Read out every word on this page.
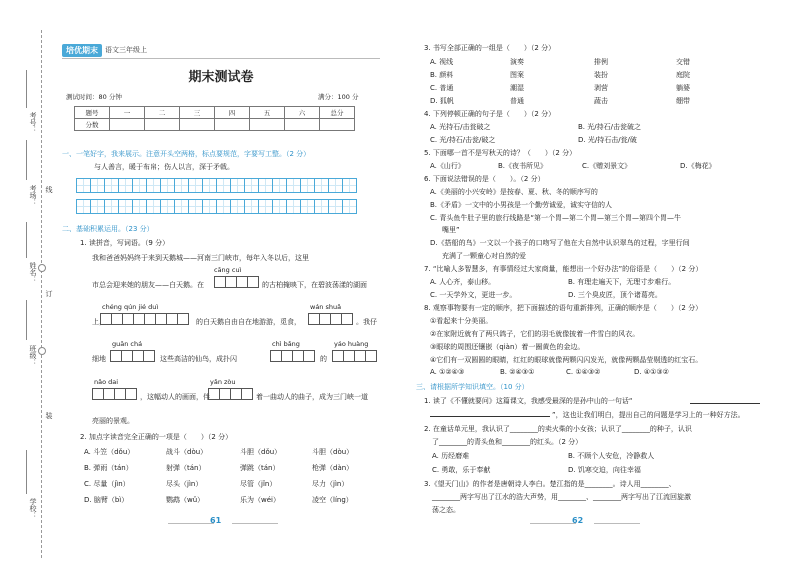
考号：
考场： 线
姓名：
订
班级：
装
学校：
培优期末	语文三年级上
期末测试卷
测试时间：80 分钟	满分：100 分
题号	一	二	三	四	五	六	总分
分数							
一、一笔好字，我来展示。注意开头空两格，标点要规范，字要写工整。（2 分）
与人善言，暖于布帛；伤人以言，深于矛戟。
二、基础积累运用。（23 分）
1. 读拼音，写词语。（9 分）
我和爸爸妈妈终于来到天鹅城——河南三门峡市，每年入冬以后，这里
cāng cuì
市总会迎来她的朋友——白天鹅。在	的古柏掩映下，在碧波荡漾的湖面
chéng qún jié duì	wán shuǎ
上，	的白天鹅自由自在地游游，觅食，	。我仔
guān chá	chì bǎng	yáo huàng
细地	这些高洁的仙鸟，成扑闪	的
nǎo dai	yǎn zòu
，这幅动人的画面，伴	着一曲动人的曲子，成为三门峡一道
亮丽的景观。
2. 加点字读音完全正确的一项是（　　）（2 分）
A. 斗笠（dǒu）	战斗（dòu）	斗胆（dǒu）	斗胆（dòu）
B. 弹雨（tán）	射弹（tán）	弹跳（tán）	枪弹（dàn）
C. 尽量（jìn）	尽头（jìn）	尽管（jǐn）	尽力（jìn）
D. 脑臂（bì）	鹦鹉（wǔ）	乐为（wéi）	凌空（líng）
61
3. 书写全部正确的一组是（　　）（2 分）
A. 视线	演奏	排例	交错
B. 颜料	图案	装扮	庭院
C. 普通	潮湿	剥营	躺婆
D. 狐帆	普通	蔬击	绷带
4. 下列停顿正确的句子是（　　）（2 分）
A. 光持石/击瓮破之	B. 光/持石/击瓮破之
C. 光/持石/击瓮/破之	D. 光/持石击/瓮/破
5. 下面哪一首不是写秋天的诗？（　　）（2 分）
A.《山行》	B.《夜书所见》	C.《赠刘景文》	D.《梅花》
6. 下面说法错误的是（　　）。（2 分）
A.《美丽的小兴安岭》是按春、夏、秋、冬的顺序写的
B.《矛盾》一文中的小男孩是一个勤劳诚爱，诚实守信的人
C. 青头鱼牛肚子里的旅行线路是“第一个胃—第二个胃—第三个胃—第四个胃—牛
嘴里”
D.《搭船的鸟》一文以一个孩子的口吻写了他在大自然中认识翠鸟的过程，字里行间
充满了一颗童心对自然的爱
7. “比喻人多智慧多，有事情经过大家商量，能想出一个好办法”的俗语是（　　）（2 分）
A. 人心齐，泰山移。	B. 有理走遍天下，无理寸步难行。
C. 一天学外文，更进一步。	D. 三个臭皮匠，顶个诸葛亮。
8. 观察事物要有一定的顺序，把下面描述的语句重新排列，正确的顺序是（　　）（2 分）
①看起来十分美丽。
②在家附近就有了两只鸽子，它们的羽毛就像披着一件雪白的风衣。
③眼球的周围还镶嵌（qiàn）着一圈黄色的金边。
④它们有一双圆圆的眼睛，红红的眼球就像两颗闪闪发光，就像两颗晶莹剔透的红宝石。
A. ①②④③	B. ②④③①	C. ①④③②	D. ④①③②
三、请根据所学知识填空。（10 分）
1. 读了《不懂就要问》这篇课文，我感受最深的是孙中山的一句话“
”，这也让我们明白，提出自己的问题是学习上的一种好方法。
2. 在童话单元里，我认识了________的卖火柴的小女孩；认识了________的种子，认识
了________的青头鱼和________的红头。（2 分）
A. 历经磨难	B. 不顾个人安危，冷静救人
C. 勇敢，乐于奉献	D. 饥寒交迫，向往幸福
3.《望天门山》的作者是唐朝诗人李白。楚江指的是________。诗人用________、
________两字写出了江水的浩大声势，用________、________两字写出了江流回旋激
荡之态。
62
